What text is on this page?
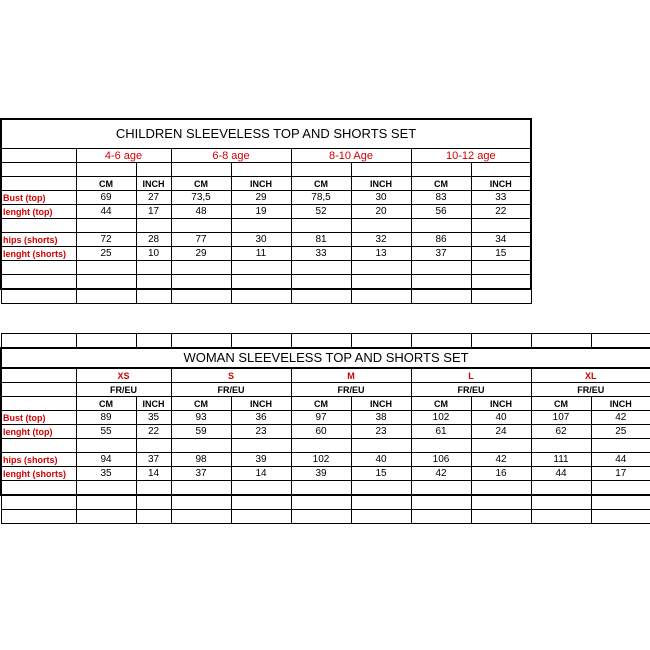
CHILDREN SLEEVELESS TOP AND SHORTS SET								
	4-6 age		6-8 age		8-10 Age		10-12 age	

	CM	INCH	CM	INCH	CM	INCH	CM	INCH
Bust (top)	69	27	73,5	29	78,5	30	83	33
lenght (top)	44	17	48	19	52	20	56	22

hips (shorts)	72	28	77	30	81	32	86	34
lenght (shorts)	25	10	29	11	33	13	37	15

WOMAN SLEEVELESS TOP AND SHORTS SET										
	XS		S		M		L		XL	
	FR/EU		FR/EU		FR/EU		FR/EU		FR/EU	
	CM	INCH	CM	INCH	CM	INCH	CM	INCH	CM	INCH
Bust (top)	89	35	93	36	97	38	102	40	107	42
lenght (top)	55	22	59	23	60	23	61	24	62	25

hips (shorts)	94	37	98	39	102	40	106	42	111	44
lenght (shorts)	35	14	37	14	39	15	42	16	44	17
